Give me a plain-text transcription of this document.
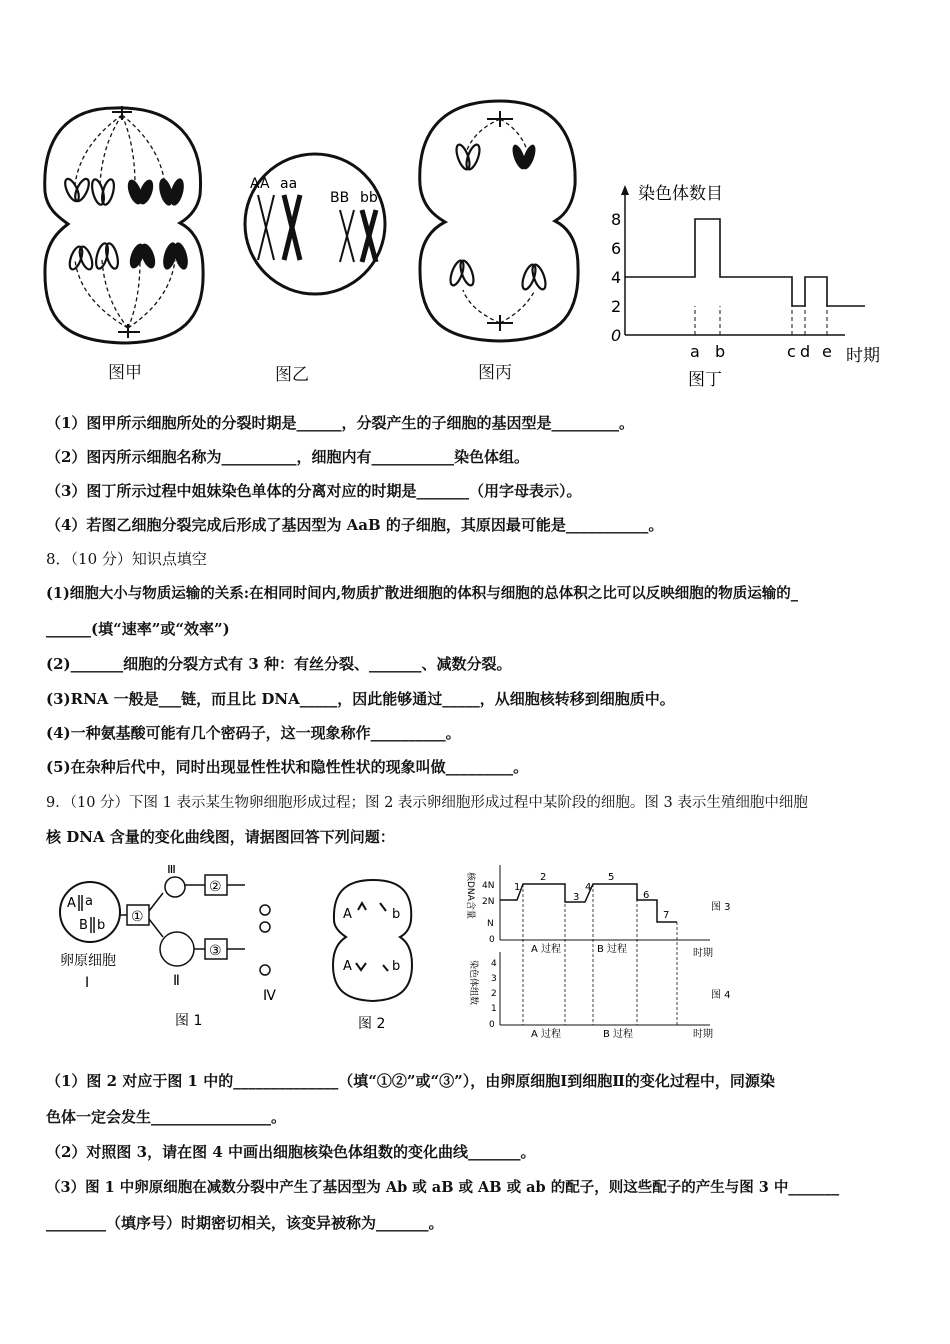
图甲
AA aa
BB bb
图乙	图丙
染色体数目
时期
图丁
8
6
4
2
0
a b	c d e
（1）图甲所示细胞所处的分裂时期是______，分裂产生的子细胞的基因型是_________。
（2）图丙所示细胞名称为__________，细胞内有___________染色体组。
（3）图丁所示过程中姐妹染色单体的分离对应的时期是_______（用字母表示）。
（4）若图乙细胞分裂完成后形成了基因型为 AaB 的子细胞，其原因最可能是___________。
8．（10 分）知识点填空
(1)细胞大小与物质运输的关系:在相同时间内,物质扩散进细胞的体积与细胞的总体积之比可以反映细胞的物质运输的_
______(填“速率”或“效率”)
(2)_______细胞的分裂方式有 3 种：有丝分裂、_______、减数分裂。
(3)RNA 一般是___链，而且比 DNA_____，因此能够通过_____，从细胞核转移到细胞质中。
(4)一种氨基酸可能有几个密码子，这一现象称作__________。
(5)在杂种后代中，同时出现显性性状和隐性性状的现象叫做_________。
9．（10 分）下图 1 表示某生物卵细胞形成过程；图 2 表示卵细胞形成过程中某阶段的细胞。图 3 表示生殖细胞中细胞
核 DNA 含量的变化曲线图，请据图回答下列问题：
A a
B b
卵原细胞
Ⅰ
①
Ⅲ
②
③
Ⅱ
Ⅳ
图 1
A	b
A	b
图 2
核DNA含量 4N
2N
N
0
1
2
3
4
5
6
7
图 3
A 过程	B 过程	时期
染色体组数 4
3
2
1
0
图 4
A 过程	B 过程	时期
（1）图 2 对应于图 1 中的______________（填“①②”或“③”），由卵原细胞Ⅰ到细胞Ⅱ的变化过程中，同源染
色体一定会发生________________。
（2）对照图 3，请在图 4 中画出细胞核染色体组数的变化曲线_______。
（3）图 1 中卵原细胞在减数分裂中产生了基因型为 Ab 或 aB 或 AB 或 ab 的配子，则这些配子的产生与图 3 中_______
________（填序号）时期密切相关，该变异被称为_______。
